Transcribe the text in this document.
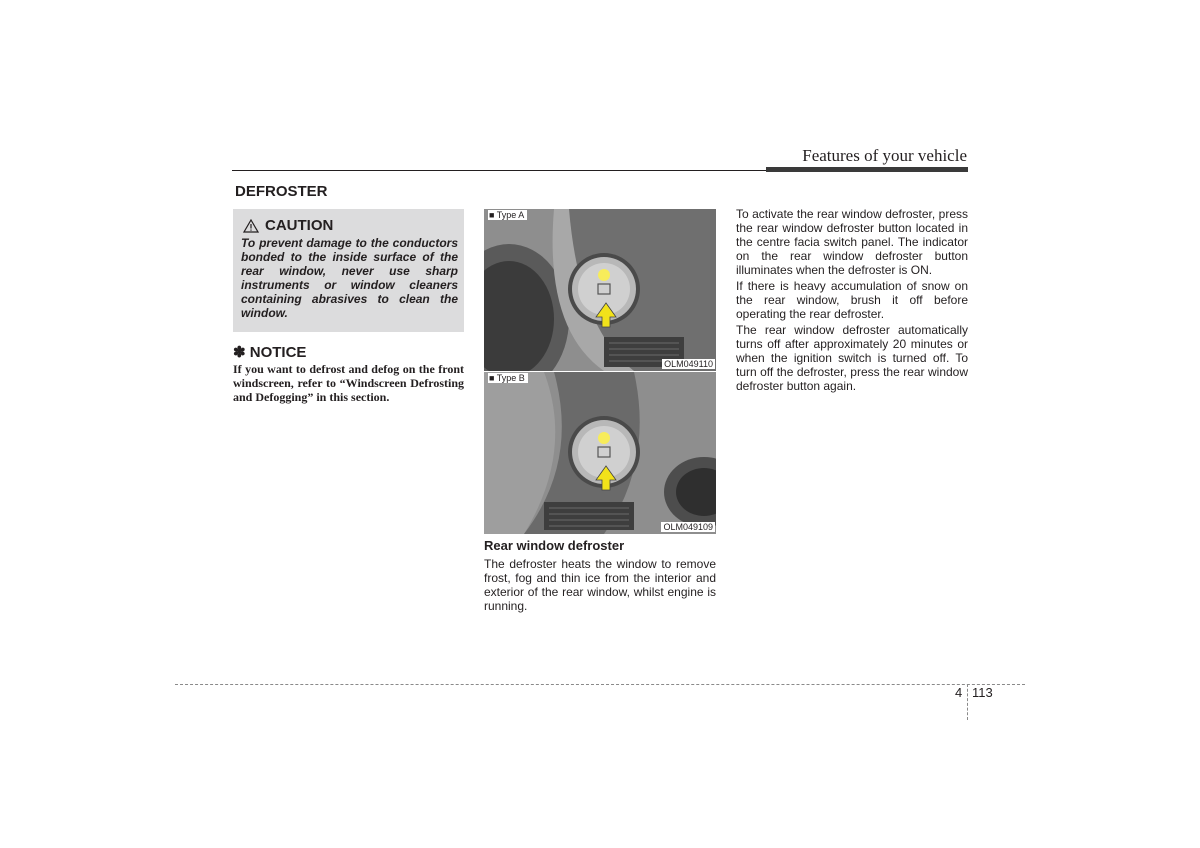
Features of your vehicle
DEFROSTER
CAUTION
To prevent damage to the conductors bonded to the inside surface of the rear window, never use sharp instruments or window cleaners containing abrasives to clean the window.
✽ NOTICE
If you want to defrost and defog on the front windscreen, refer to “Windscreen Defrosting and Defogging” in this section.
■ Type A
OLM049110
■ Type B
OLM049109
Rear window defroster
The defroster heats the window to remove frost, fog and thin ice from the interior and exterior of the rear window, whilst engine is running.

To activate the rear window defroster, press the rear window defroster button located in the centre facia switch panel. The indicator on the rear window defroster button illuminates when the defroster is ON.

If there is heavy accumulation of snow on the rear window, brush it off before operating the rear defroster.

The rear window defroster automatically turns off after approximately 20 minutes or when the ignition switch is turned off. To turn off the defroster, press the rear window defroster button again.

4 113
